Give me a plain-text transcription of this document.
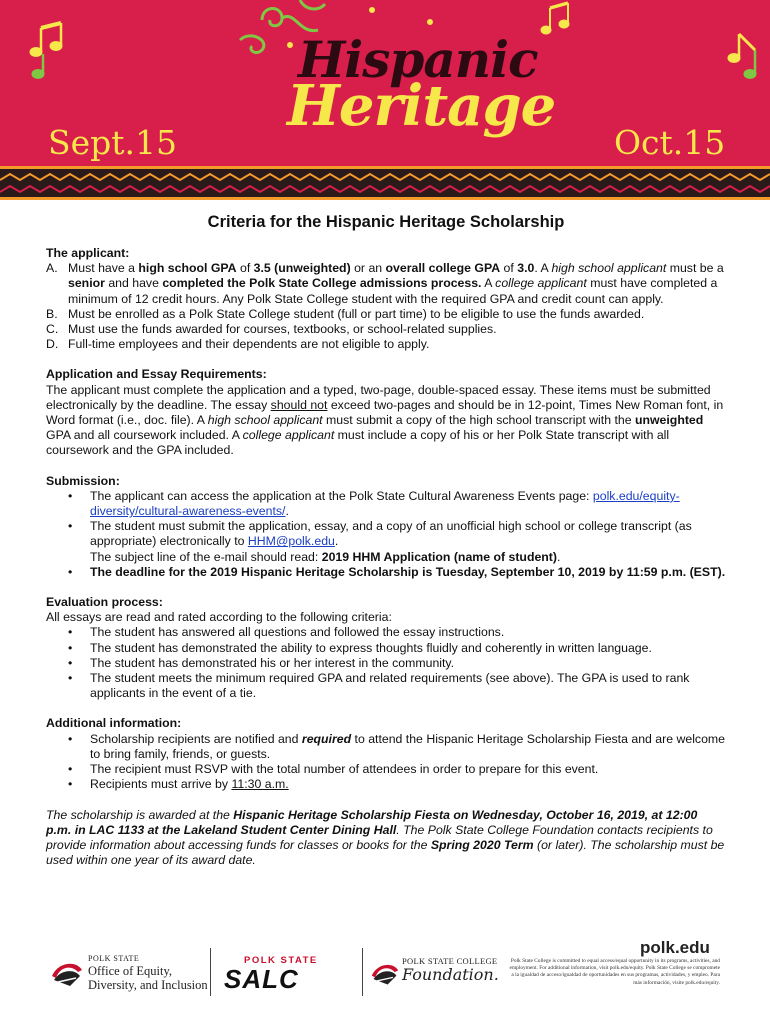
Hispanic
Heritage
Sept.15	Oct.15
Criteria for the Hispanic Heritage Scholarship

The applicant:

A. Must have a high school GPA of 3.5 (unweighted) or an overall college GPA of 3.0. A high school applicant must be a senior and have completed the Polk State College admissions process. A college applicant must have completed a minimum of 12 credit hours. Any Polk State College student with the required GPA and credit count can apply.
B. Must be enrolled as a Polk State College student (full or part time) to be eligible to use the funds awarded.
C. Must use the funds awarded for courses, textbooks, or school-related supplies.
D. Full-time employees and their dependents are not eligible to apply.

Application and Essay Requirements:

The applicant must complete the application and a typed, two-page, double-spaced essay. These items must be submitted electronically by the deadline. The essay should not exceed two-pages and should be in 12-point, Times New Roman font, in Word format (i.e., doc. file). A high school applicant must submit a copy of the high school transcript with the unweighted GPA and all coursework included. A college applicant must include a copy of his or her Polk State transcript with all coursework and the GPA included.

Submission:

• The applicant can access the application at the Polk State Cultural Awareness Events page: polk.edu/equity-diversity/cultural-awareness-events/.
• The student must submit the application, essay, and a copy of an unofficial high school or college transcript (as appropriate) electronically to HHM@polk.edu.
The subject line of the e-mail should read: 2019 HHM Application (name of student).
• The deadline for the 2019 Hispanic Heritage Scholarship is Tuesday, September 10, 2019 by 11:59 p.m. (EST).

Evaluation process:

All essays are read and rated according to the following criteria:

• The student has answered all questions and followed the essay instructions.
• The student has demonstrated the ability to express thoughts fluidly and coherently in written language.
• The student has demonstrated his or her interest in the community.
• The student meets the minimum required GPA and related requirements (see above). The GPA is used to rank applicants in the event of a tie.

Additional information:

• Scholarship recipients are notified and required to attend the Hispanic Heritage Scholarship Fiesta and are welcome to bring family, friends, or guests.
• The recipient must RSVP with the total number of attendees in order to prepare for this event.
• Recipients must arrive by 11:30 a.m.

The scholarship is awarded at the Hispanic Heritage Scholarship Fiesta on Wednesday, October 16, 2019, at 12:00 p.m. in LAC 1133 at the Lakeland Student Center Dining Hall. The Polk State College Foundation contacts recipients to provide information about accessing funds for classes or books for the Spring 2020 Term (or later). The scholarship must be used within one year of its award date.

POLK STATE
Office of Equity,
Diversity, and Inclusion
POLK STATE
SALC
POLK STATE COLLEGE
Foundation.
polk.edu
Polk State College is committed to equal access/equal opportunity in its programs, activities, and employment. For additional information, visit polk.edu/equity. Polk State College se compromete a la igualdad de acceso/igualdad de oportunidades en sus programas, actividades, y empleo. Para más información, visite polk.edu/equity.
